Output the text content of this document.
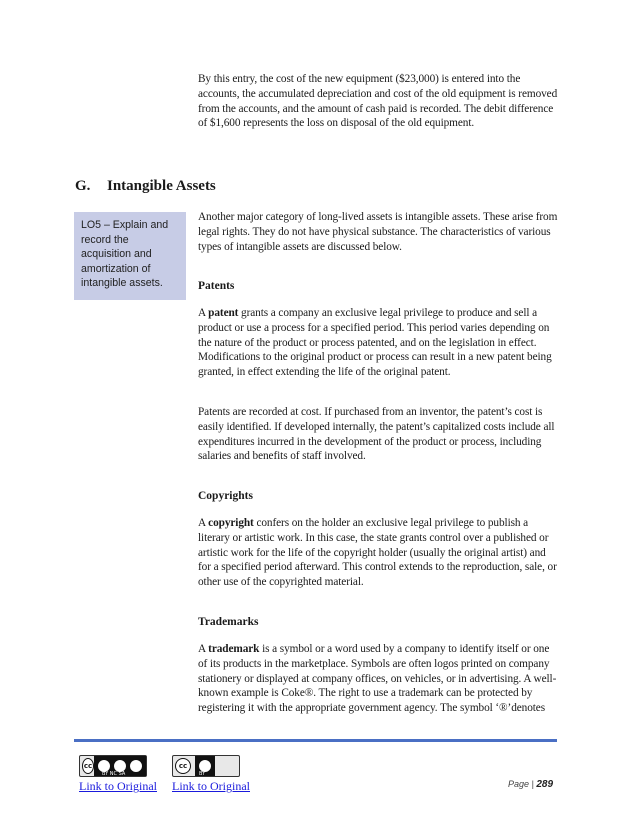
By this entry, the cost of the new equipment ($23,000) is entered into the accounts, the accumulated depreciation and cost of the old equipment is removed from the accounts, and the amount of cash paid is recorded. The debit difference of $1,600 represents the loss on disposal of the old equipment.

G. Intangible Assets
LO5 – Explain and record the acquisition and amortization of intangible assets.

Another major category of long-lived assets is intangible assets. These arise from legal rights. They do not have physical substance. The characteristics of various types of intangible assets are discussed below.

Patents

A patent grants a company an exclusive legal privilege to produce and sell a product or use a process for a specified period. This period varies depending on the nature of the product or process patented, and on the legislation in effect. Modifications to the original product or process can result in a new patent being granted, in effect extending the life of the original patent.

Patents are recorded at cost. If purchased from an inventor, the patent’s cost is easily identified. If developed internally, the patent’s capitalized costs include all expenditures incurred in the development of the product or process, including salaries and benefits of staff involved.

Copyrights

A copyright confers on the holder an exclusive legal privilege to publish a literary or artistic work. In this case, the state grants control over a published or artistic work for the life of the copyright holder (usually the original artist) and for a specified period afterward. This control extends to the reproduction, sale, or other use of the copyrighted material.

Trademarks

A trademark is a symbol or a word used by a company to identify itself or one of its products in the marketplace. Symbols are often logos printed on company stationery or displayed at company offices, on vehicles, or in advertising. A well-known example is Coke®. The right to use a trademark can be protected by registering it with the appropriate government agency. The symbol ‘®’denotes

cc
BY NC SA
cc
BY
Link to Original Link to Original	Page | 289
